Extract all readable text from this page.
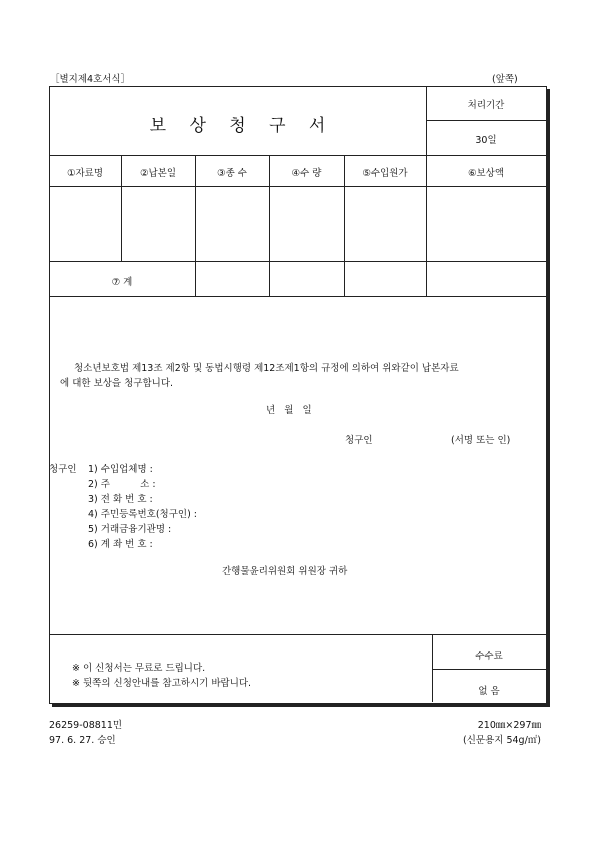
［별지제4호서식］	(앞쪽)
보 상 청 구 서
처리기간
30일
①자료명	②납본일	③종 수	④수 량	⑤수입원가	⑥보상액
⑦ 계
청소년보호법 제13조 제2항 및 동법시행령 제12조제1항의 규정에 의하여 위와같이 납본자료
에 대한 보상을 청구합니다.
년   월   일
청구인	(서명 또는 인)
청구인 1) 수입업체명 :
2) 주          소 :
3) 전 화 번 호 :
4) 주민등록번호(청구인) :
5) 거래금융기관명 :
6) 계 좌 번 호 :
간행물윤리위원회 위원장 귀하
※ 이 신청서는 무료로 드립니다.
※ 뒷쪽의 신청안내를 참고하시기 바랍니다.
수수료
없 음
26259-08811민
97. 6. 27. 승인
210㎜×297㎜
(신문용지 54g/㎡)
